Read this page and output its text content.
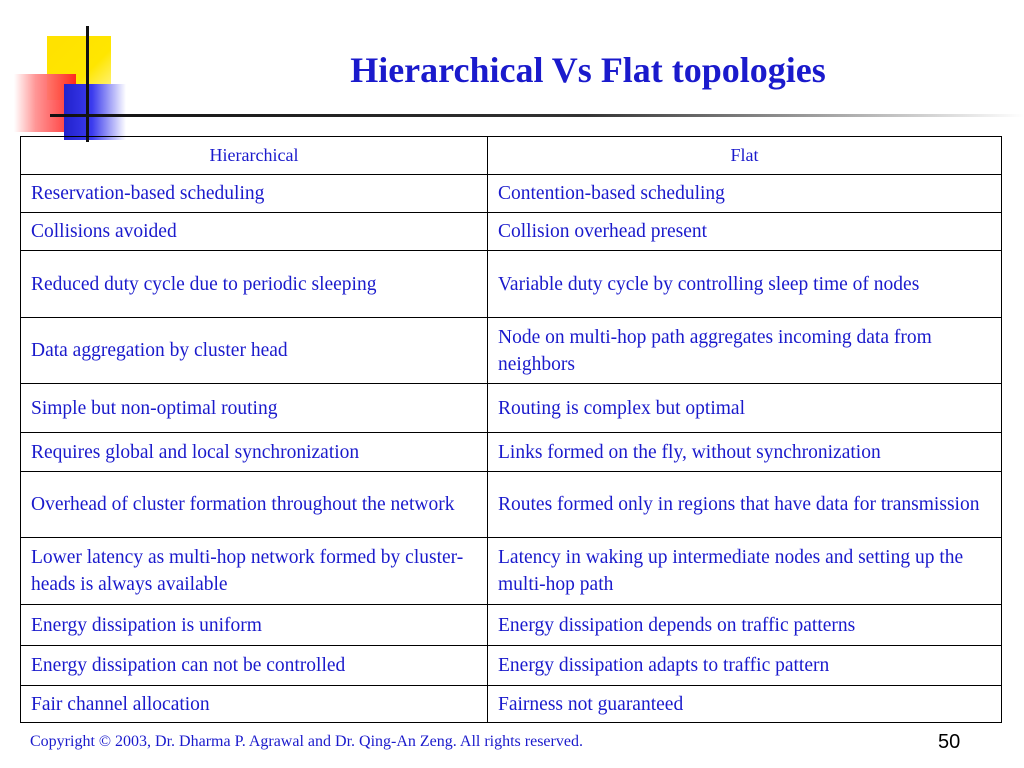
Hierarchical Vs Flat topologies
Hierarchical	Flat
Reservation-based scheduling	Contention-based scheduling
Collisions avoided	Collision overhead present
Reduced duty cycle due to periodic sleeping	Variable duty cycle by controlling sleep time of nodes
Data aggregation by cluster head	Node on multi-hop path aggregates incoming data from neighbors
Simple but non-optimal routing	Routing is complex but optimal
Requires global and local synchronization	Links formed on the fly, without synchronization
Overhead of cluster formation throughout the network	Routes formed only in regions that have data for transmission
Lower latency as multi-hop network formed by cluster-heads is always available	Latency in waking up intermediate nodes and setting up the multi-hop path
Energy dissipation is uniform	Energy dissipation depends on traffic patterns
Energy dissipation can not be controlled	Energy dissipation adapts to traffic pattern
Fair channel allocation	Fairness not guaranteed
Copyright © 2003, Dr. Dharma P. Agrawal and Dr. Qing-An Zeng. All rights reserved.	50
